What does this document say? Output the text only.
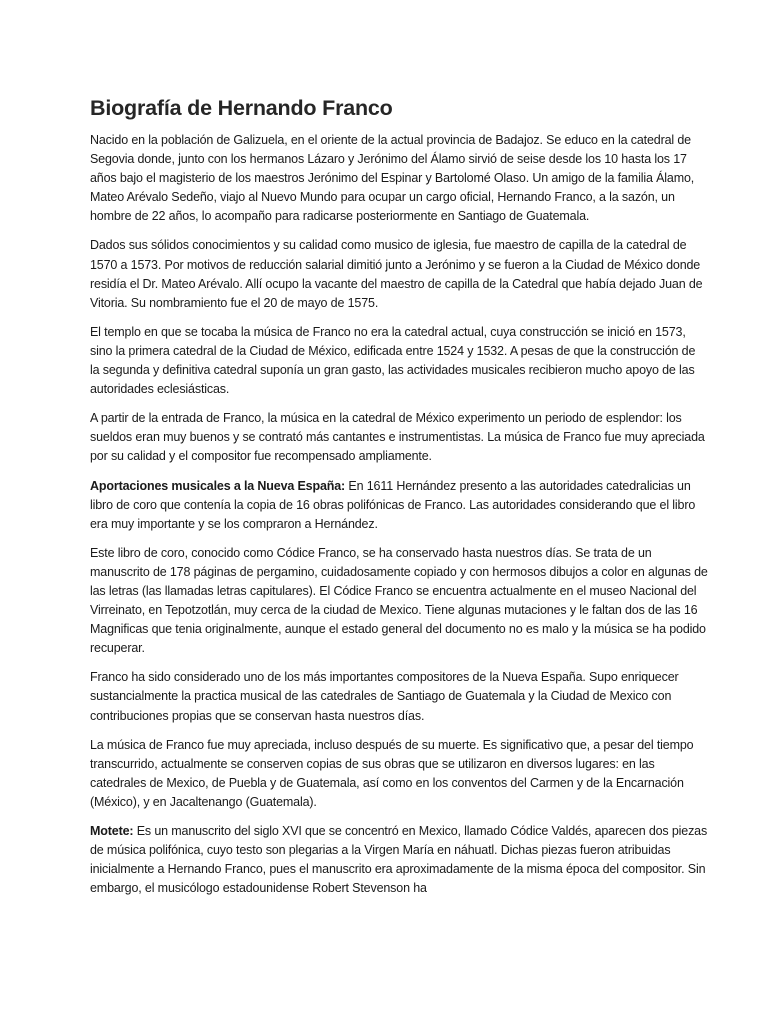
Biografía de Hernando Franco

Nacido en la población de Galizuela, en el oriente de la actual provincia de Badajoz. Se educo en la catedral de Segovia donde, junto con los hermanos Lázaro y Jerónimo del Álamo sirvió de seise desde los 10 hasta los 17 años bajo el magisterio de los maestros Jerónimo del Espinar y Bartolomé Olaso. Un amigo de la familia Álamo, Mateo Arévalo Sedeño, viajo al Nuevo Mundo para ocupar un cargo oficial, Hernando Franco, a la sazón, un hombre de 22 años, lo acompaño para radicarse posteriormente en Santiago de Guatemala.

Dados sus sólidos conocimientos y su calidad como musico de iglesia, fue maestro de capilla de la catedral de 1570 a 1573. Por motivos de reducción salarial dimitió junto a Jerónimo y se fueron a la Ciudad de México donde residía el Dr. Mateo Arévalo. Allí ocupo la vacante del maestro de capilla de la Catedral que había dejado Juan de Vitoria. Su nombramiento fue el 20 de mayo de 1575.

El templo en que se tocaba la música de Franco no era la catedral actual, cuya construcción se inició en 1573, sino la primera catedral de la Ciudad de México, edificada entre 1524 y 1532. A pesas de que la construcción de la segunda y definitiva catedral suponía un gran gasto, las actividades musicales recibieron mucho apoyo de las autoridades eclesiásticas.

A partir de la entrada de Franco, la música en la catedral de México experimento un periodo de esplendor: los sueldos eran muy buenos y se contrató más cantantes e instrumentistas. La música de Franco fue muy apreciada por su calidad y el compositor fue recompensado ampliamente.

Aportaciones musicales a la Nueva España: En 1611 Hernández presento a las autoridades catedralicias un libro de coro que contenía la copia de 16 obras polifónicas de Franco. Las autoridades considerando que el libro era muy importante y se los compraron a Hernández.

Este libro de coro, conocido como Códice Franco, se ha conservado hasta nuestros días. Se trata de un manuscrito de 178 páginas de pergamino, cuidadosamente copiado y con hermosos dibujos a color en algunas de las letras (las llamadas letras capitulares). El Códice Franco se encuentra actualmente en el museo Nacional del Virreinato, en Tepotzotlán, muy cerca de la ciudad de Mexico. Tiene algunas mutaciones y le faltan dos de las 16 Magnificas que tenia originalmente, aunque el estado general del documento no es malo y la música se ha podido recuperar.

Franco ha sido considerado uno de los más importantes compositores de la Nueva España. Supo enriquecer sustancialmente la practica musical de las catedrales de Santiago de Guatemala y la Ciudad de Mexico con contribuciones propias que se conservan hasta nuestros días.

La música de Franco fue muy apreciada, incluso después de su muerte. Es significativo que, a pesar del tiempo transcurrido, actualmente se conserven copias de sus obras que se utilizaron en diversos lugares: en las catedrales de Mexico, de Puebla y de Guatemala, así como en los conventos del Carmen y de la Encarnación (México), y en Jacaltenango (Guatemala).

Motete: Es un manuscrito del siglo XVI que se concentró en Mexico, llamado Códice Valdés, aparecen dos piezas de música polifónica, cuyo testo son plegarias a la Virgen María en náhuatl. Dichas piezas fueron atribuidas inicialmente a Hernando Franco, pues el manuscrito era aproximadamente de la misma época del compositor. Sin embargo, el musicólogo estadounidense Robert Stevenson ha
